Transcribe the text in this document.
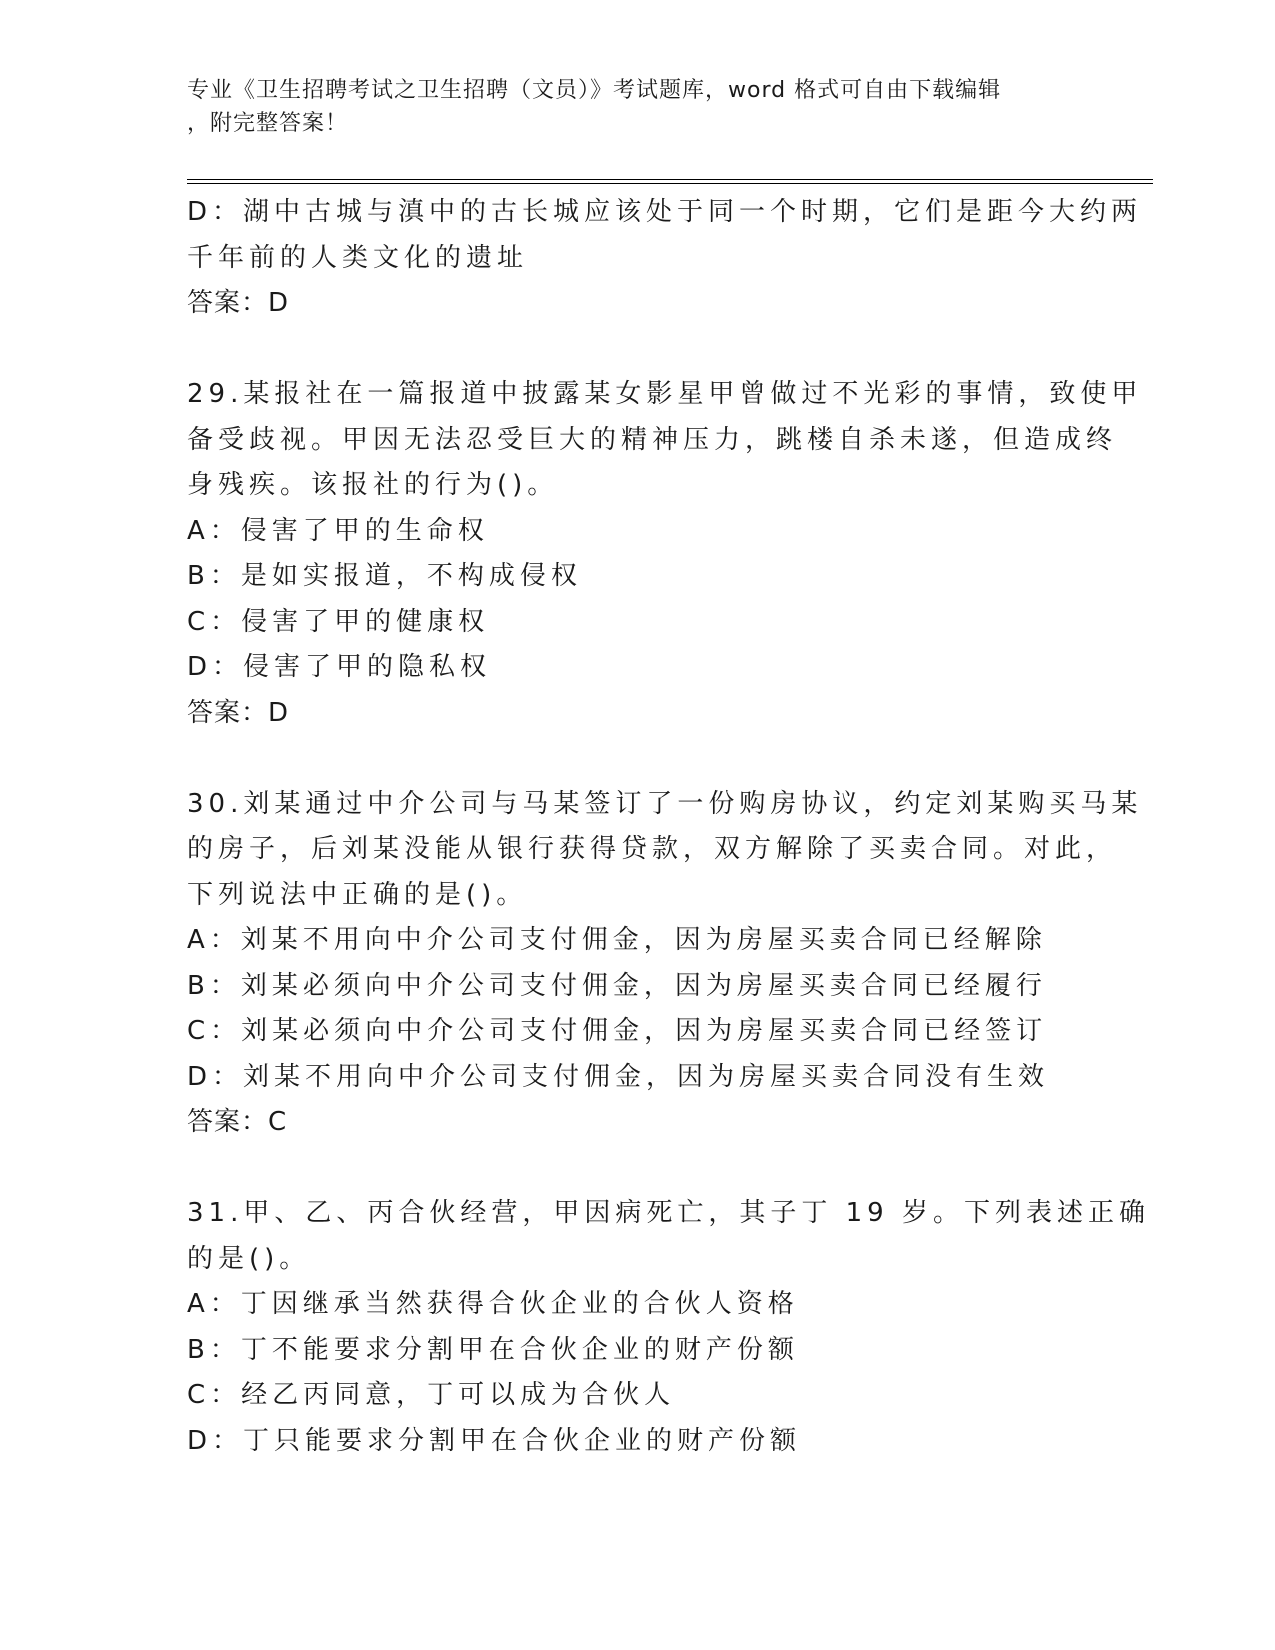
专业《卫生招聘考试之卫生招聘（文员）》考试题库，word 格式可自由下载编辑
，附完整答案！
D：湖中古城与滇中的古长城应该处于同一个时期，它们是距今大约两
千年前的人类文化的遗址
答案：D
29.某报社在一篇报道中披露某女影星甲曾做过不光彩的事情，致使甲
备受歧视。甲因无法忍受巨大的精神压力，跳楼自杀未遂，但造成终
身残疾。该报社的行为()。
A：侵害了甲的生命权
B：是如实报道，不构成侵权
C：侵害了甲的健康权
D：侵害了甲的隐私权
答案：D
30.刘某通过中介公司与马某签订了一份购房协议，约定刘某购买马某
的房子，后刘某没能从银行获得贷款，双方解除了买卖合同。对此，
下列说法中正确的是()。
A：刘某不用向中介公司支付佣金，因为房屋买卖合同已经解除
B：刘某必须向中介公司支付佣金，因为房屋买卖合同已经履行
C：刘某必须向中介公司支付佣金，因为房屋买卖合同已经签订
D：刘某不用向中介公司支付佣金，因为房屋买卖合同没有生效
答案：C
31.甲、乙、丙合伙经营，甲因病死亡，其子丁 19 岁。下列表述正确
的是()。
A：丁因继承当然获得合伙企业的合伙人资格
B：丁不能要求分割甲在合伙企业的财产份额
C：经乙丙同意，丁可以成为合伙人
D：丁只能要求分割甲在合伙企业的财产份额
